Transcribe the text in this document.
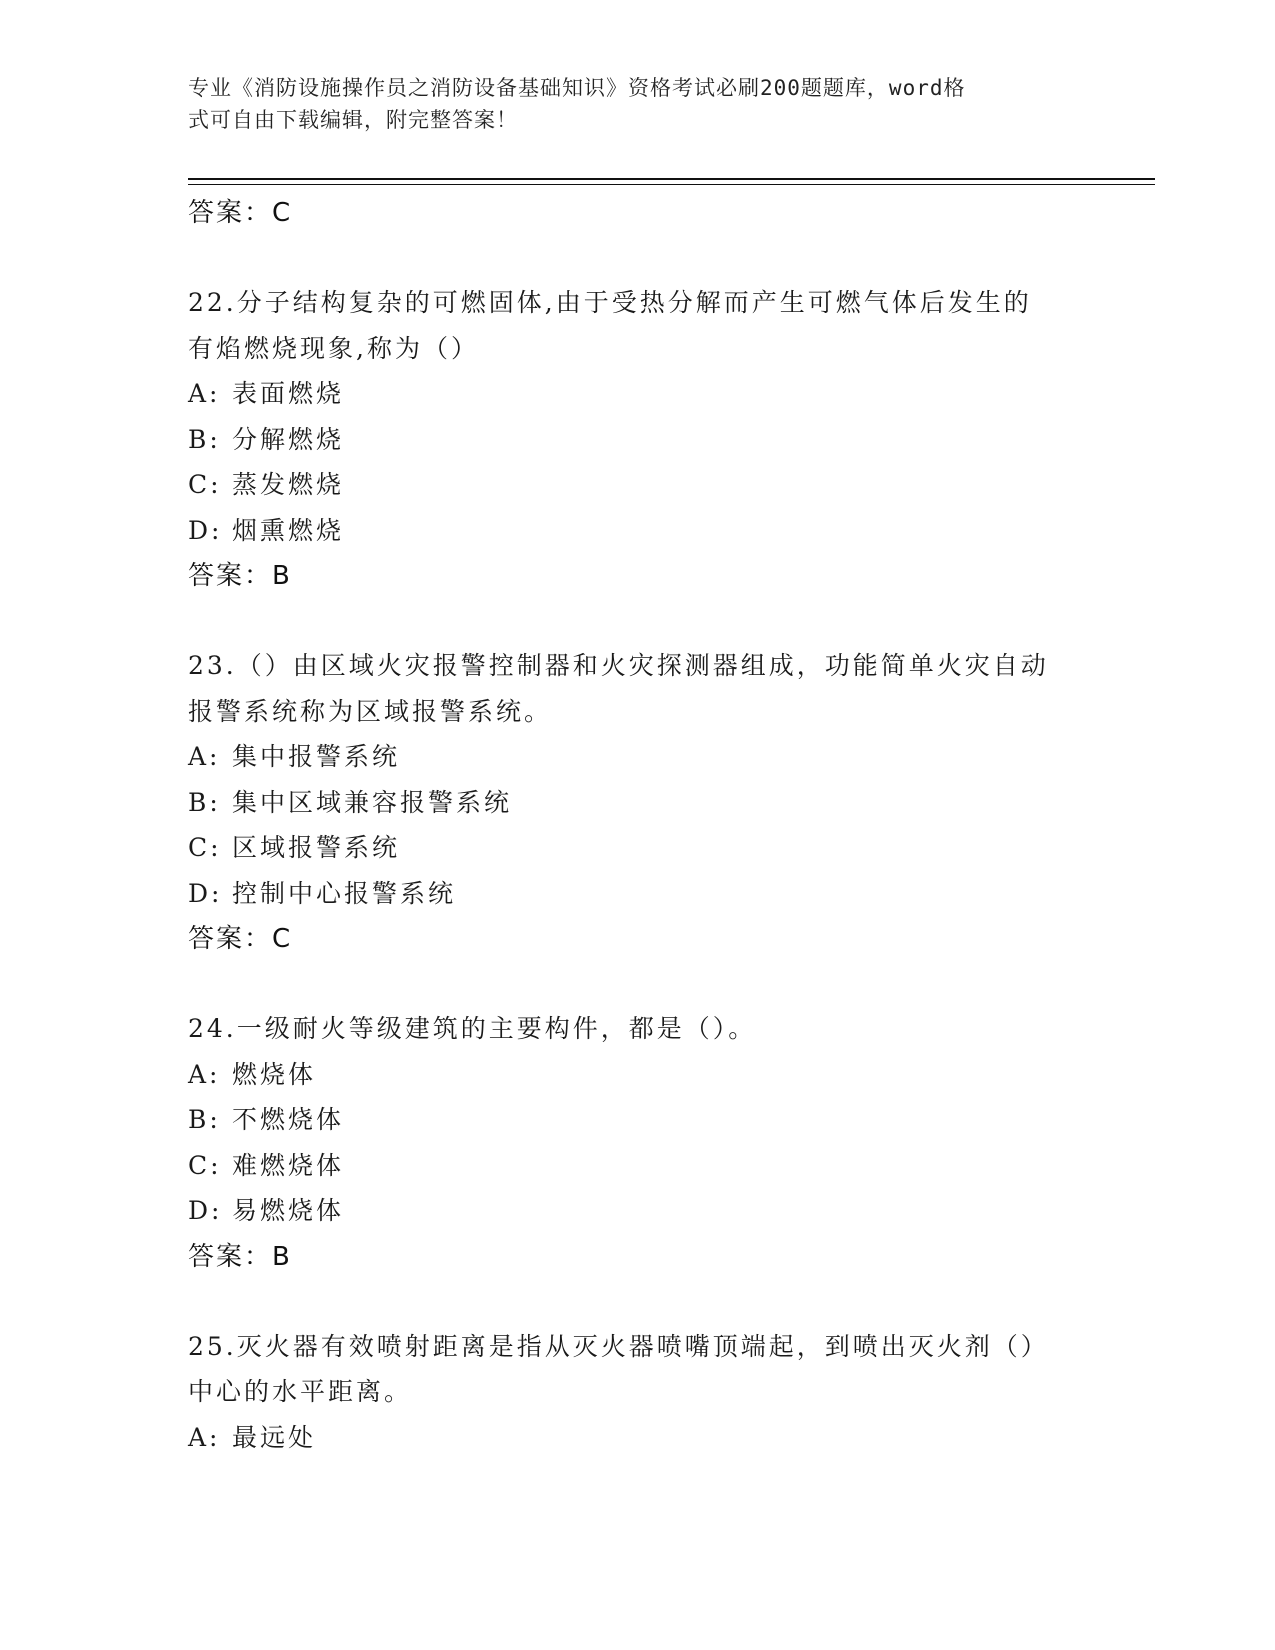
专业《消防设施操作员之消防设备基础知识》资格考试必刷200题题库，word格
式可自由下载编辑，附完整答案！
答案：C
22.分子结构复杂的可燃固体,由于受热分解而产生可燃气体后发生的
有焰燃烧现象,称为（）
A: 表面燃烧
B: 分解燃烧
C: 蒸发燃烧
D: 烟熏燃烧
答案：B
23.（）由区域火灾报警控制器和火灾探测器组成，功能简单火灾自动
报警系统称为区域报警系统。
A: 集中报警系统
B: 集中区域兼容报警系统
C: 区域报警系统
D: 控制中心报警系统
答案：C
24.一级耐火等级建筑的主要构件，都是（）。
A: 燃烧体
B: 不燃烧体
C: 难燃烧体
D: 易燃烧体
答案：B
25.灭火器有效喷射距离是指从灭火器喷嘴顶端起，到喷出灭火剂（）
中心的水平距离。
A: 最远处
